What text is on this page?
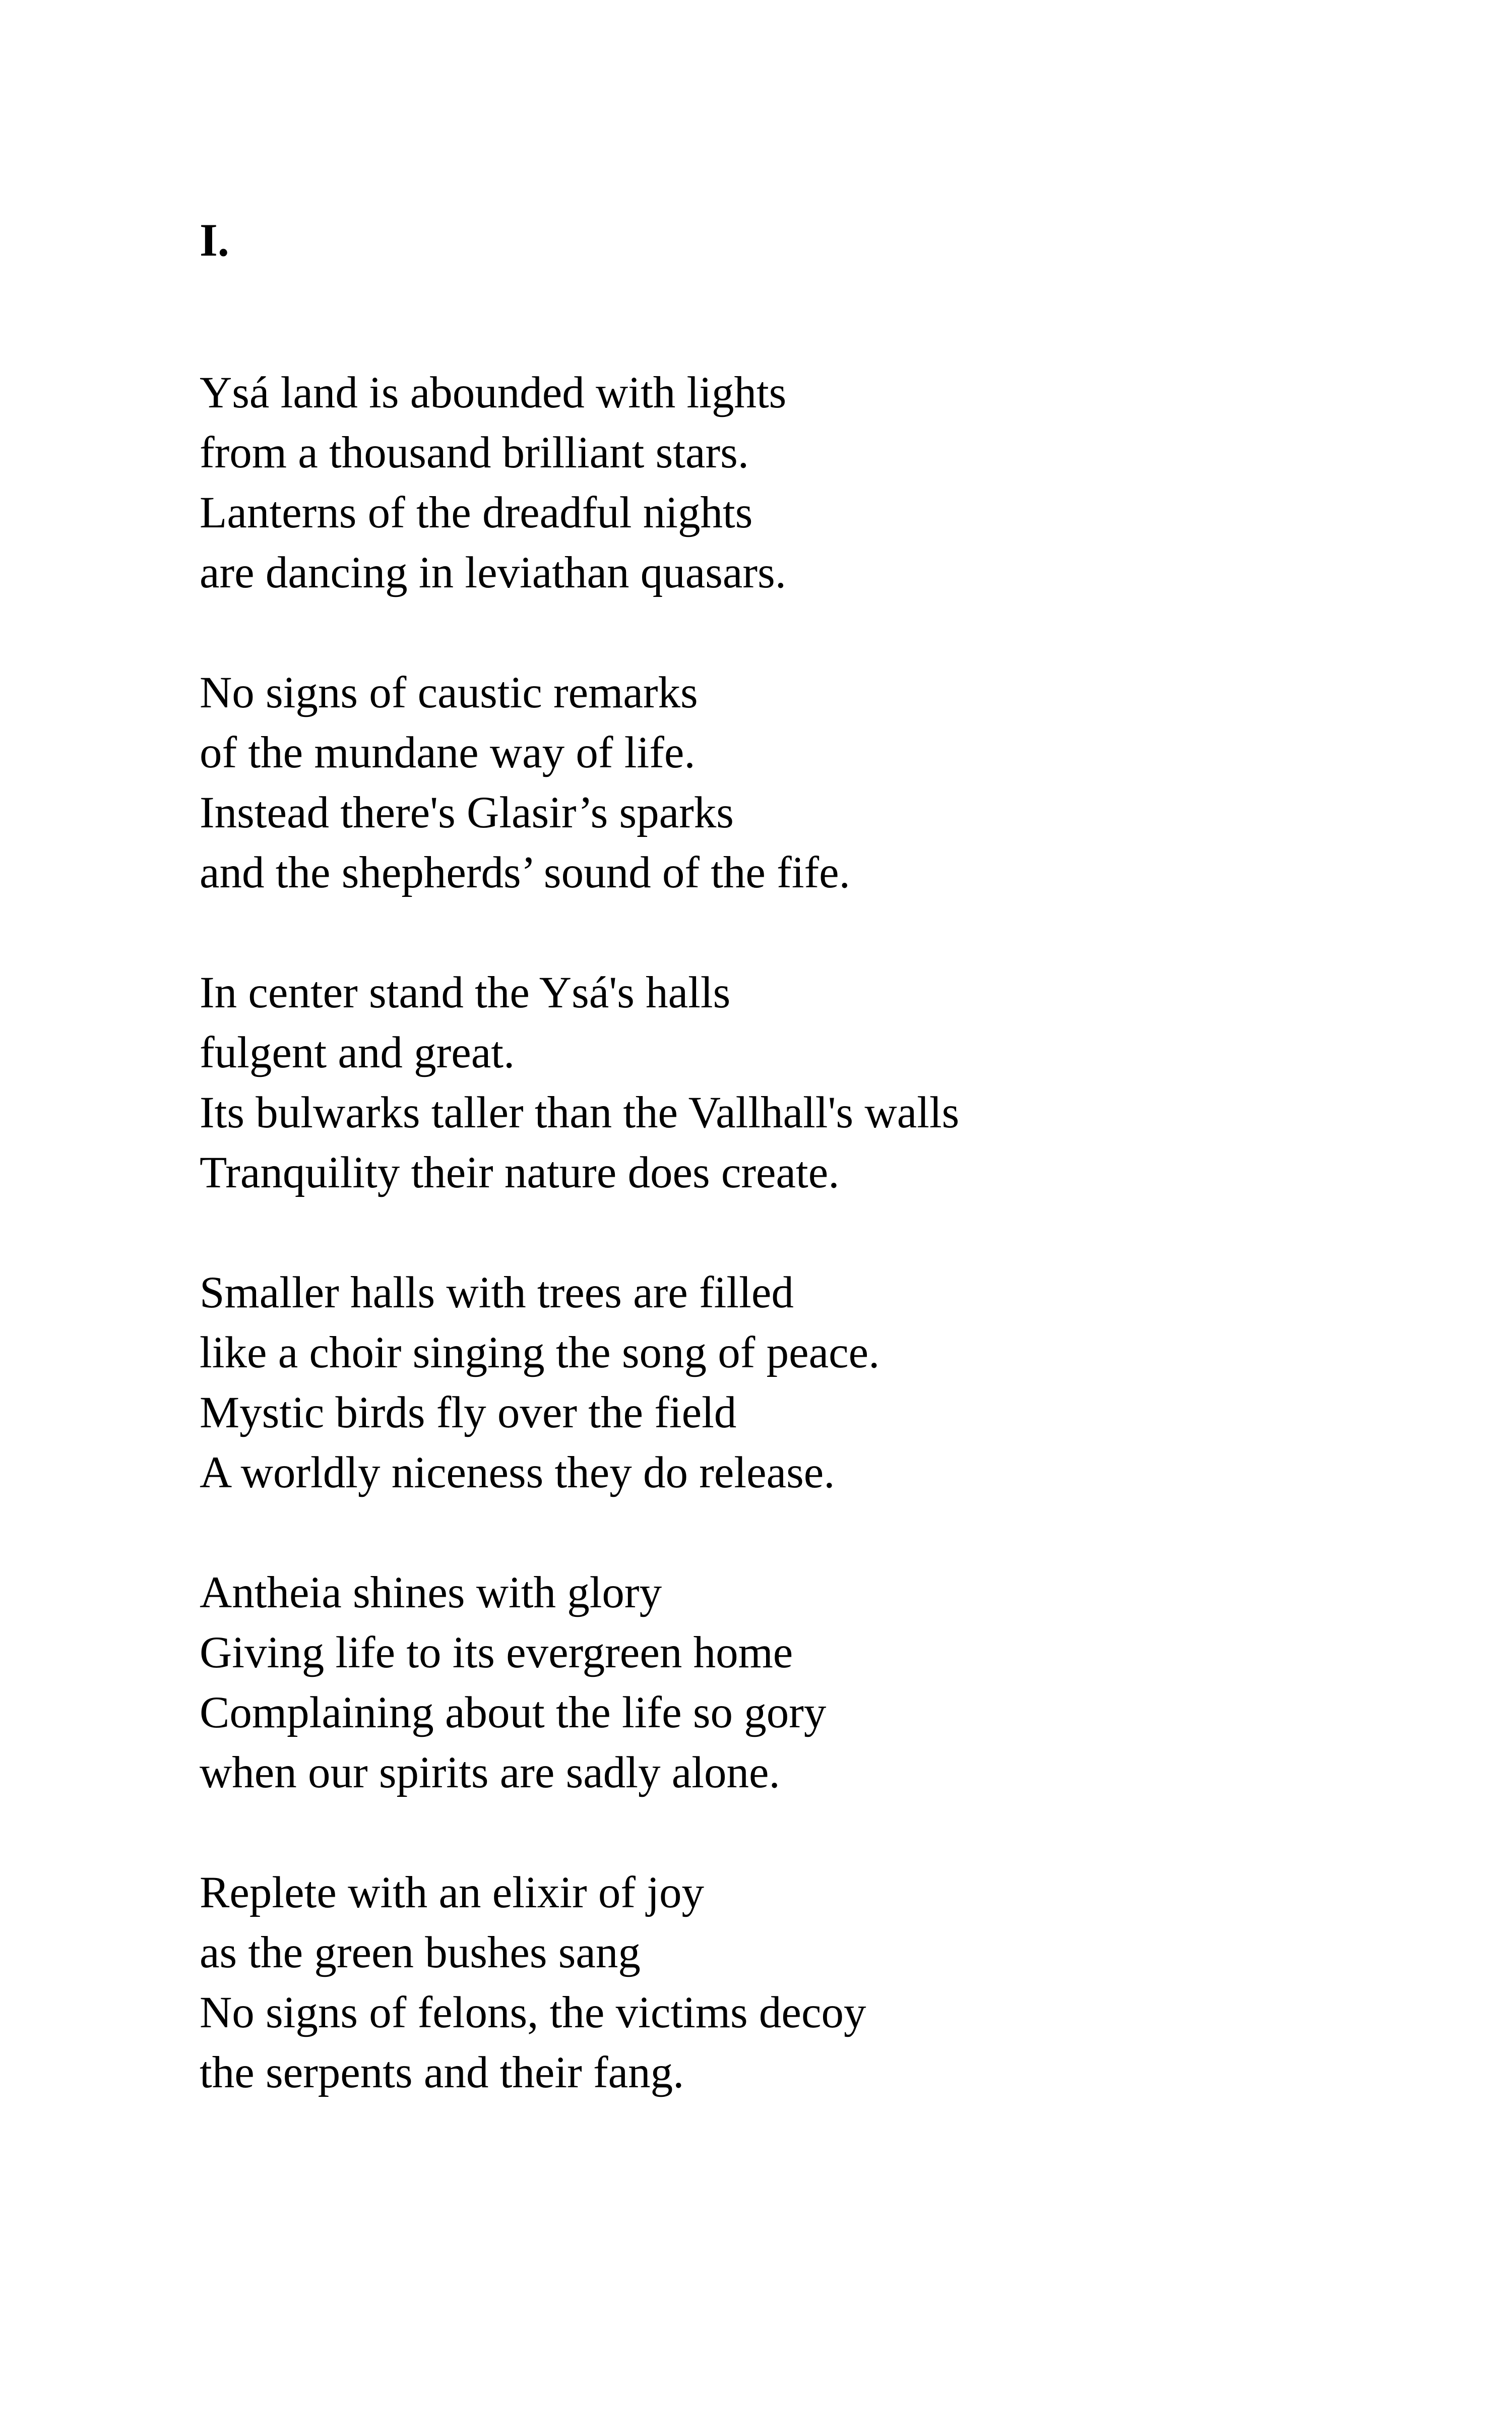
I.
Ysá land is abounded with lights
from a thousand brilliant stars.
Lanterns of the dreadful nights
are dancing in leviathan quasars.
No signs of caustic remarks
of the mundane way of life.
Instead there's Glasir’s sparks
and the shepherds’ sound of the fife.
In center stand the Ysá's halls
fulgent and great.
Its bulwarks taller than the Vallhall's walls
Tranquility their nature does create.
Smaller halls with trees are filled
like a choir singing the song of peace.
Mystic birds fly over the field
A worldly niceness they do release.
Antheia shines with glory
Giving life to its evergreen home
Complaining about the life so gory
when our spirits are sadly alone.
Replete with an elixir of joy
as the green bushes sang
No signs of felons, the victims decoy
the serpents and their fang.
